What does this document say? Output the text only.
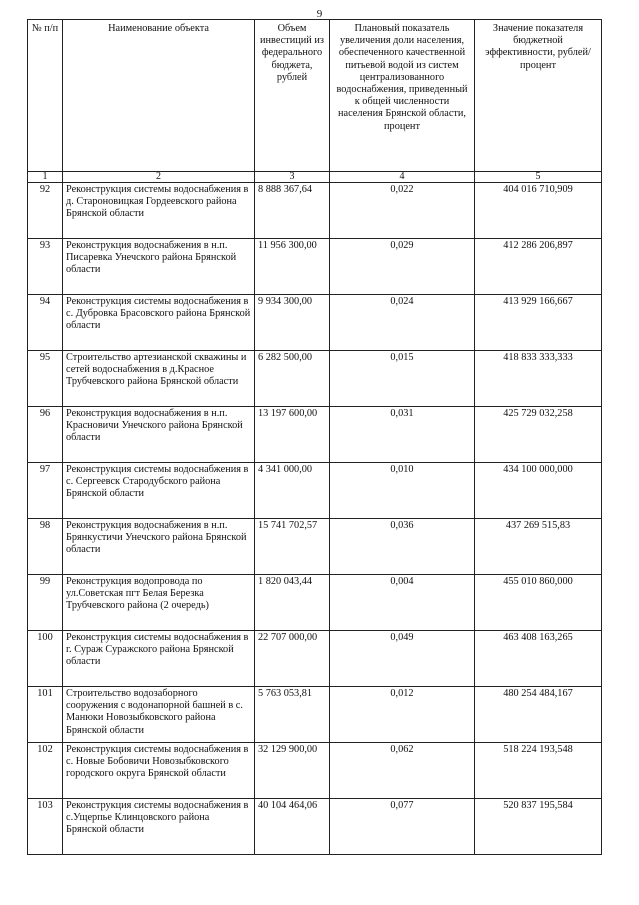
9
№ п/п	Наименование объекта	Объем инвестиций из федерального бюджета, рублей	Плановый показатель увеличения доли населения, обеспеченного качественной питьевой водой из систем централизованного водоснабжения, приведенный к общей численности населения Брянской области, процент	Значение показателя бюджетной эффективности, рублей/процент
1	2	3	4	5
92	Реконструкция системы водоснабжения в д. Староновицкая Гордеевского района Брянской области	8 888 367,64	0,022	404 016 710,909
93	Реконструкция водоснабжения в н.п. Писаревка Унечского района Брянской области	11 956 300,00	0,029	412 286 206,897
94	Реконструкция системы водоснабжения в с. Дубровка Брасовского района Брянской области	9 934 300,00	0,024	413 929 166,667
95	Строительство артезианской скважины и сетей водоснабжения в д.Красное Трубчевского района Брянской области	6 282 500,00	0,015	418 833 333,333
96	Реконструкция водоснабжения в н.п. Красновичи Унечского района Брянской области	13 197 600,00	0,031	425 729 032,258
97	Реконструкция системы водоснабжения в с. Сергеевск Стародубского района Брянской области	4 341 000,00	0,010	434 100 000,000
98	Реконструкция водоснабжения в н.п. Брянкустичи Унечского района Брянской области	15 741 702,57	0,036	437 269 515,83
99	Реконструкция водопровода по ул.Советская пгт Белая Березка Трубчевского района (2 очередь)	1 820 043,44	0,004	455 010 860,000
100	Реконструкция системы водоснабжения в г. Сураж Суражского района Брянской области	22 707 000,00	0,049	463 408 163,265
101	Строительство водозаборного сооружения с водонапорной башней в с. Манюки Новозыбковского района Брянской области	5 763 053,81	0,012	480 254 484,167
102	Реконструкция системы водоснабжения в с. Новые Бобовичи Новозыбковского городского округа Брянской области	32 129 900,00	0,062	518 224 193,548
103	Реконструкция системы водоснабжения в с.Ущерпье Клинцовского района Брянской области	40 104 464,06	0,077	520 837 195,584
